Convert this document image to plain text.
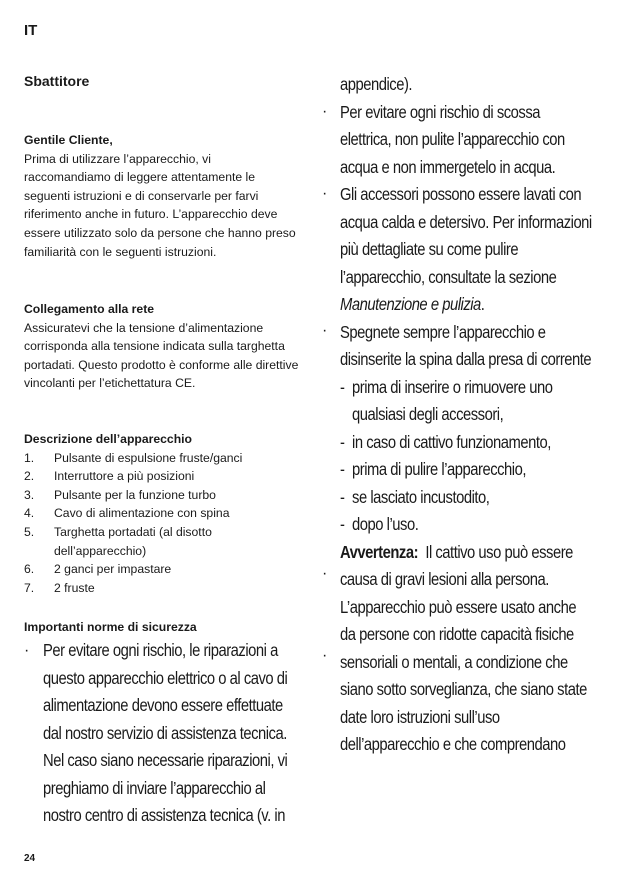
IT
Sbattitore
Gentile Cliente,
Prima di utilizzare l’apparecchio, vi raccomandiamo di leggere attentamente le seguenti istruzioni e di conservarle per farvi riferimento anche in futuro. L’apparecchio deve essere utilizzato solo da persone che hanno preso familiarità con le seguenti istruzioni.
Collegamento alla rete
Assicuratevi che la tensione d’alimentazione corrisponda alla tensione indicata sulla targhetta portadati. Questo prodotto è conforme alle direttive vincolanti per l’etichettatura CE.
Descrizione dell’apparecchio
1.	Pulsante di espulsione fruste/ganci
2.	Interruttore a più posizioni
3.	Pulsante per la funzione turbo
4.	Cavo di alimentazione con spina
5.	Targhetta portadati (al disotto dell’apparecchio)
6.	2 ganci per impastare
7.	2 fruste
Importanti norme di sicurezza
· Per evitare ogni rischio, le riparazioni a questo apparecchio elettrico o al cavo di alimentazione devono essere effettuate dal nostro servizio di assistenza tecnica. Nel caso siano necessarie riparazioni, vi preghiamo di inviare l’apparecchio al nostro centro di assistenza tecnica (v. in

appendice).

Per evitare ogni rischio di scossa elettrica, non pulite l’apparecchio con acqua e non immergetelo in acqua.

Gli accessori possono essere lavati con acqua calda e detersivo. Per informazioni più dettagliate su come pulire l’apparecchio, consultate la sezione Manutenzione e pulizia.

Spegnete sempre l’apparecchio e disinserite la spina dalla presa di corrente

- prima di inserire o rimuovere uno qualsiasi degli accessori,
- in caso di cattivo funzionamento,
- prima di pulire l’apparecchio,
- se lasciato incustodito,
- dopo l’uso.

Avvertenza: Il cattivo uso può essere causa di gravi lesioni alla persona.

L’apparecchio può essere usato anche da persone con ridotte capacità fisiche sensoriali o mentali, a condizione che siano sotto sorveglianza, che siano state date loro istruzioni sull’uso dell’apparecchio e che comprendano

·
·
·
·
·
24
